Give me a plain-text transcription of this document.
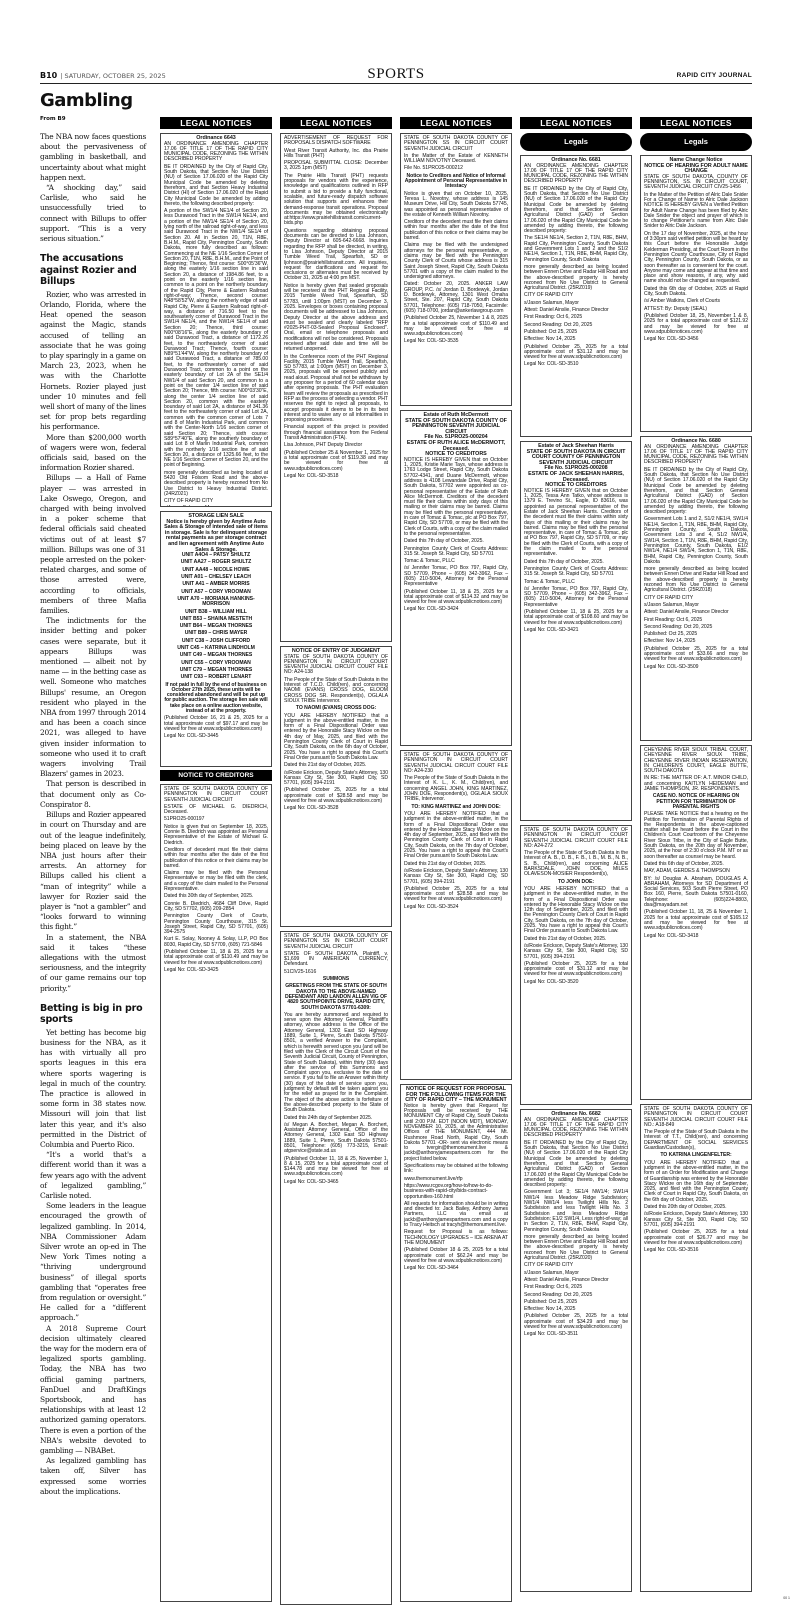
B10 | SATURDAY, OCTOBER 25, 2025	SPORTS	RAPID CITY JOURNAL
Gambling
From B9

The NBA now faces questions about the pervasiveness of gambling in basketball, and uncertainty about what might happen next.

“A shocking day,” said Carlisle, who said he unsuccessfully tried to connect with Billups to offer support. “This is a very serious situation.”

The accusations against Rozier and Billups

Rozier, who was arrested in Orlando, Florida, where the Heat opened the season against the Magic, stands accused of telling an associate that he was going to play sparingly in a game on March 23, 2023, when he was with the Charlotte Hornets. Rozier played just under 10 minutes and fell well short of many of the lines set for prop bets regarding his performance.

More than $200,000 worth of wagers were won, federal officials said, based on the information Rozier shared.

Billups — a Hall of Fame player — was arrested in Lake Oswego, Oregon, and charged with being involved in a poker scheme that federal officials said cheated victims out of at least $7 million. Billups was one of 31 people arrested on the poker-related charges, and some of those arrested were, according to officials, members of three Mafia families.

The indictments for the insider betting and poker cases were separate, but it appears Billups was mentioned — albeit not by name — in the betting case as well. Someone who matches Billups' resume, an Oregon resident who played in the NBA from 1997 through 2014 and has been a coach since 2021, was alleged to have given insider information to someone who used it to craft wagers involving Trail Blazers' games in 2023.

That person is described in that document only as Co-Conspirator 8.

Billups and Rozier appeared in court on Thursday and are out of the league indefinitely, being placed on leave by the NBA just hours after their arrests. An attorney for Billups called his client a “man of integrity” while a lawyer for Rozier said the player is “not a gambler” and “looks forward to winning this fight.”

In a statement, the NBA said it takes “these allegations with the utmost seriousness, and the integrity of our game remains our top priority.”

Betting is big in pro sports

Yet betting has become big business for the NBA, as it has with virtually all pro sports leagues in this era where sports wagering is legal in much of the country. The practice is allowed in some form in 38 states now. Missouri will join that list later this year, and it's also permitted in the District of Columbia and Puerto Rico.

“It's a world that's a different world than it was a few years ago with the advent of legalized gambling,” Carlisle noted.

Some leaders in the league encouraged the growth of legalized gambling. In 2014, NBA Commissioner Adam Silver wrote an op-ed in The New York Times noting a “thriving underground business” of illegal sports gambling that “operates free from regulation or oversight.” He called for a “different approach.”

A 2018 Supreme Court decision ultimately cleared the way for the modern era of legalized sports gambling. Today, the NBA has two official gaming partners, FanDuel and DraftKings Sportsbook, and has relationships with at least 12 authorized gaming operators. There is even a portion of the NBA's website devoted to gambling — NBABet.

As legalized gambling has taken off, Silver has expressed some worries about the implications.

LEGAL NOTICES
Ordinance 6643

AN ORDINANCE AMENDING CHAPTER 17.06 OF TITLE 17 OF THE RAPID CITY MUNICIPAL CODE, REZONING THE WITHIN DESCRIBED PROPERTY

BE IT ORDAINED by the City of Rapid City, South Dakota, that Section No Use District (NU) of Section 17.06.020 of the Rapid City Municipal Code be amended by deleting therefrom, and that Section Heavy Industrial District (HI) of Section 17.06.020 of the Rapid City Municipal Code be amended by adding thereto, the following described property:

A portion of the SW1/4 NE1/4 of Section 20, less Durawood Tract in the SW1/4 NE1/4, and a portion of the NW1/4 SE1/4 of Section 20, lying north of the railroad right-of-way, and less said Durawood Tract in the NW1/4 SE1/4 of Section 20. All in Section 20, T1N, R8E, B.H.M., Rapid City, Pennington County, South Dakota, more fully described as follows: Commencing at the NE 1/16 Section Corner of Section 20, T1N, R8E, B.H.M., and the Point of Beginning; Thence, first course: S00°05'36"W, along the easterly 1/16 section line in said Section 20, a distance of 1984.86 feet, to a point on the easterly 1/16 section line, common to a point on the northerly boundary of the Rapid City, Pierre & Eastern Railroad right-of-way; Thence, second course: N48°58'52"W, along the northerly edge of said Rapid City, Pierre & Eastern Railroad right-of-way, a distance of 716.50 feet to the southeasterly corner of Durawood Tract in the SW1/4 NE1/4, and the NW1/4 SE1/4 of said Section 20; Thence, third course: N00°08'16"E, along the easterly boundary of said Durawood Tract, a distance of 1172.26 feet, to the northeasterly corner of said Durawood Tract; Thence, fourth course: N89°51'44"W, along the northerly boundary of said Durawood Tract, a distance of 785.00 feet, to the northwesterly corner of said Durawood Tract, common to a point on the easterly boundary of Lot 2A of the SE1/4 NW1/4 of said Section 20, and common to a point on the center 1/4 section line of said Section 20; Thence, fifth course: N00°03'30"E, along the center 1/4 section line of said Section 20, common with the easterly boundary of said Lot 2A, a distance of 341.36 feet to the northeasterly corner of said Lot 2A, common with the common corner of Lots 7 and 8 of Marlin Industrial Park, and common with the Center-North 1/16 section corner of said Section 20; Thence, sixth course: S89°57'40"E, along the southerly boundary of said Lot 8 of Marlin Industrial Park, common with the northerly 1/16 section line of said Section 20, a distance of 1325.66 feet, to the NE 1/16 Section Corner of Section 20, and the point of Beginning.

more generally described as being located at 5420 Old Folsom Road and the above-described property is hereby rezoned from No Use District to Heavy Industrial District. (24RZ021)

CITY OF RAPID CITY

STORAGE LIEN SALE
Notice is hereby given by Anytime Auto Sales & Storage of intended sale of items in storage. Sale is for delinquent storage rental payments as per storage contract and lien agreement with Anytime Auto Sales & Storage.

UNIT A4O4 – PATSY SHULTZ

UNIT AA27 – ROGER SHULTZ

UNIT AA48 – NICOLE HOWE

UNIT A01 – CHELSEY LEACH

UNIT A41 – AMBER MORRIS

UNIT A57 – CORY VROOMAN

UNIT A70 – MORIANA HANKINS-MORRISON

UNIT B38 – WILLIAM HILL

UNIT B53 – SHAINA MESTETH

UNIT B64 – MEGAN THORNES

UNIT B89 – CHRIS MAYER

UNIT C38 – JOSH CLIFFORD

UNIT C45 – KATRINA LINDHOLM

UNIT C49 – MEGAN THORNES

UNIT C55 – CORY VROOMAN

UNIT C79 – MEGAN THORNES

UNIT C93 – ROBERT LENART

If not paid in full by the end of business on October 27th 2025, these units will be considered abandoned and will be put up for public auction. The storage lien sale will take place on a online auction website, instead of at the property.

(Published October 16, 21 & 25, 2025 for a total approximate cost of $97.17 and may be viewed for free at www.sdpublicnotices.com)

Legal No: COL-SD-3445
NOTICE TO CREDITORS

STATE OF SOUTH DAKOTA COUNTY OF PENNINGTON IN CIRCUIT COURT SEVENTH JUDICIAL CIRCUIT

ESTATE OF MICHAEL G. DIEDRICH, Deceased.

51PRO25-000197

Notice is given that on September 18, 2025, Connie B. Diedrich was appointed as Personal Representative of the Estate of Michael G. Diedrich.

Creditors of decedent must file their claims within four months after the date of the first publication of this notice or their claims may be barred.

Claims may be filed with the Personal Representative or may be filed with the clerk, and a copy of the claim mailed to the Personal Representative.

Dated this 30th day of September, 2025.

Connie B. Diedrich, 4684 Cliff Drive, Rapid City, SD 57702, (605) 209-2854

Pennington County Clerk of Courts, Pennington County Courthouse, 315 St. Joseph Street, Rapid City, SD 57701, (605) 394-2575

Kurt E. Solay, Nooney & Solay, LLP, PO Box 8030, Rapid City, SD 57709, (605) 721-5846

(Published October 11, 18 & 25, 2025 for a total approximate cost of $110.49 and may be viewed for free at www.sdpublicnotices.com)

Legal No: COL-SD-3425
LEGAL NOTICES

ADVERTISEMENT OF REQUEST FOR PROPOSALS DISPATCH SOFTWARE

West River Transit Authority, Inc. dba Prairie Hills Transit (PHT)

PROPOSAL SUBMITTAL CLOSE: December 3, 2025 1pm (MST)

The Prairie Hills Transit (PHT) requests proposals for vendors with the experience, knowledge and qualifications outlined in RFP to submit a bid to provide a fully functional, scalable, and future-ready dispatch software solution that supports and enhances their demand-response transit operations. Proposal documents may be obtained electronically at:https://www.prairiehillstransit.com/current-bids.php

Questions regarding obtaining proposal documents can be directed to Lisa Johnson, Deputy Director at 605-642-6668. Inquiries regarding the RFP shall be directed, in writing, to Lisa Johnson, Deputy Director at 2015 Tumble Weed Trail, Spearfish, SD or ljohnson@prairiehillstransit.com. All inquiries, request for clarifications and request for exclusions or alternates must be received by October 31, 2025 at 4:00 pm MST.

Notice is hereby given that sealed proposals will be received at the PHT Regional Facility, 2015 Tumble Weed Trail, Spearfish, SD 57783, until 1:00pm (MST) on December 3, 2025. Envelopes or boxes containing proposal documents will be addressed to Lisa Johnson, Deputy Director at the above address and must be sealed and clearly labeled "RFP #2025-PHT-03-Sealed Proposal Enclosed". Oral, email or telephone proposals and modifications will not be considered. Proposals received after said date and time will be returned unopened.

In the Conference room of the PHT Regional Facility, 2015 Tumble Weed Trail, Spearfish, SD 57783, at 1:00pm (MST) on December 3, 2025, proposals will be opened publicly and read aloud. Proposal shall not be withdrawn by any proposer for a period of 60 calendar days after opening proposals. The PHT evaluation team will review the proposals as prescribed in RFP as the process of selecting a vendor. PHT reserves the right to reject all proposals, to accept proposals it deems to be in its best interest and to waive any or all informalities in proposing procedures.

Financial support of this project is provided through financial assistance from the Federal Transit Administration (FTA).

Lisa Johnson, PHT Deputy Director

(Published October 25 & November 1, 2025 for a total approximate cost of $119.38 and may be viewed for free at www.sdpublicnotices.com)

Legal No: COL-SD-3518
NOTICE OF ENTRY OF JUDGMENT

STATE OF SOUTH DAKOTA COUNTY OF PENNINGTON IN CIRCUIT COURT SEVENTH JUDICIAL CIRCUIT COURT FILE NO: A24-138

The People of the State of South Dakota in the Interest of T.C.D. Child(ren), and concerning NAOMI (EVANS) CROSS DOG, ELOOM CROSS DOG SR. Respondent(s), OGLALA SIOUX TRIBE Intervenor.

TO NAOMI (EVANS) CROSS DOG:

YOU ARE HEREBY NOTIFIED that a judgment in the above-entitled matter, in the form of a Final Dispositional Order was entered by the Honorable Stacy Wickre on the 4th day of May, 2025, and filed with the Pennington County Clerk of Court in Rapid City, South Dakota, on the 6th day of October, 2025. You have a right to appeal this Court's Final Order pursuant to South Dakota Law.

Dated this 21st day of October, 2025.

/s/Roxie Erickson, Deputy State's Attorney, 130 Kansas City St, Ste 300, Rapid City, SD 57701, (605) 394-2191

(Published October 25, 2025 for a total approximate cost of $28.58 and may be viewed for free at www.sdpublicnotices.com)

Legal No: COL-SD-3528

STATE OF SOUTH DAKOTA COUNTY OF PENNINGTON SS IN CIRCUIT COURT SEVENTH JUDICIAL CIRCUIT

STATE OF SOUTH DAKOTA, Plaintiff, v. $1,699 IN AMERICAN CURRENCY, Defendant.

51CIV25-1616

SUMMONS

GREETINGS FROM THE STATE OF SOUTH DAKOTA TO THE ABOVE-NAMED DEFENDANT AND LANDON ALLEN VIG OF 4820 SOUTHPOINTE DRIVE, RAPID CITY, SOUTH DAKOTA 57701-6309:

You are hereby summoned and required to serve upon the Attorney General, Plaintiff's attorney, whose address is the Office of the Attorney General, 1302 East SD Highway 1889, Suite 1, Pierre, South Dakota 57501-8501, a verified Answer to the Complaint, which is herewith served upon you (and will be filed with the Clerk of the Circuit Court of the Seventh Judicial Circuit, County of Pennington, State of South Dakota), within thirty (30) days after the service of this Summons and Complaint upon you, exclusive to the date of service. If you fail to file an Answer within thirty (30) days of the date of service upon you, judgment by default will be taken against you for the relief as prayed for in the Complaint. The object of the above action is forfeiture of the above-described property to the State of South Dakota.

Dated this 24th day of September 2025.

/s/ Megan A. Borchert, Megan A. Borchert, Assistant Attorney General, Office of the Attorney General, 1302 East SD Highway 1889, Suite 1, Pierre, South Dakota 57501-8501, Telephone: (605) 773-3215, Email: atgservice@state.sd.us

(Published October 11, 18 & 25, November 1, 8 & 15, 2025 for a total approximate cost of $144.78 and may be viewed for free at www.sdpublicnotices.com)

Legal No: COL-SD-3465
LEGAL NOTICES

STATE OF SOUTH DAKOTA COUNTY OF PENNINGTON SS IN CIRCUIT COURT SEVENTH JUDICIAL CIRCUIT

In the Matter of the Estate of KENNETH WILLIAM NOVOTNY Deceased.

File No. 51PRO25-000212

Notice to Creditors and Notice of Informal Appointment of Personal Representative in Intestacy

Notice is given that on October 10, 2025, Teresa L. Novotny, whose address is 145 Museum Drive, Hill City, South Dakota 57745, was appointed as personal representative of the estate of Kenneth William Novotny.

Creditors of the decedent must file their claims within four months after the date of the first publication of this notice or their claims may be barred.

Claims may be filed with the undersigned attorneys for the personal representative, or claims may be filed with the Pennington County Clerk of Courts whose address is 315 Saint Joseph Street, Rapid City, South Dakota 57701 with a copy of the claim mailed to the undersigned attorneys.

Dated: October 20, 2025. ANKER LAW GROUP, P.C. /s/ Jordan D. Bordewyk, Jordan D. Bordewyk, Attorney, 1301 West Omaha Street, Ste. 207, Rapid City, South Dakota 57701, Telephone: (605) 718-7050, Facsimile: (605) 718-0700, jordan@ankerlawgroup.com

(Published October 25, November 1 & 8, 2025 for a total approximate cost of $110.49 and may be viewed for free at www.sdpublicnotices.com)

Legal No: COL-SD-3535
Estate of Ruth McDermott
STATE OF SOUTH DAKOTA COUNTY OF PENNINGTON SEVENTH JUDICIAL CIRCUIT
File No. 51PRO25-000204
ESTATE OF RUTH ALICE McDERMOTT, Deceased.
NOTICE TO CREDITORS

NOTICE IS HEREBY GIVEN that on October 1, 2025, Kristie Marie Tays, whose address is 1763 Lodge Street, Rapid City, South Dakota 57702-4341, and Duane McDermott, whose address is 4108 Lewandale Drive, Rapid City, South Dakota, 57702 were appointed as co-personal representative of the Estate of Ruth Alice McDermott. Creditors of the decedent must file their claims within sixty days of this mailing or their claims may be barred. Claims may be filed with the personal representative, in care of Tomac & Tomac, plc at PO Box 797, Rapid City, SD 57709, or may be filed with the Clerk of Courts, with a copy of the claim mailed to the personal representative.

Dated this 7th day of October, 2025.

Pennington County Clerk of Courts Address: 315 St. Joseph St. Rapid City, SD 57701

Tomac & Tomac, PLLC

/s/ Jennifer Tomac, PO Box 797, Rapid City, SD 57709, Phone – (605) 342-3962, Fax – (605) 210-5004, Attorney for the Personal Representative

(Published October 11, 18 & 25, 2025 for a total approximate cost of $114.32 and may be viewed for free at www.sdpublicnotices.com)

Legal No: COL-SD-3424

STATE OF SOUTH DAKOTA COUNTY OF PENNINGTON IN CIRCUIT COURT SEVENTH JUDICIAL CIRCUIT COURT FILE NO: A24-230

The People of the State of South Dakota in the Interest of K. L., K. M., Child(ren), and concerning ANGEL JOHN, KING MARTINEZ, JOHN DOE, Respondent(s), OGLALA SIOUX TRIBE, Intervenor.

TO: KING MARTINEZ and JOHN DOE:

YOU ARE HEREBY NOTIFIED that a judgment in the above-entitled matter, in the form of a Final Dispositional Order was entered by the Honorable Stacy Wickre on the 4th day of September, 2025, and filed with the Pennington County Clerk of Court in Rapid City, South Dakota, on the 7th day of October, 2025. You have a right to appeal this Court's Final Order pursuant to South Dakota Law.

Dated this 21st day of October, 2025.

/s/Roxie Erickson, Deputy State's Attorney, 130 Kansas City St, Ste 300, Rapid City, SD 57701, (605) 394-2191

(Published October 25, 2025 for a total approximate cost of $28.58 and may be viewed for free at www.sdpublicnotices.com)

Legal No: COL-SD-3524
NOTICE OF REQUEST FOR PROPOSAL FOR THE FOLLOWING ITEMS FOR THE CITY OF RAPID CITY – THE MONUMENT

Notice is hereby given that Request for Proposals will be received by THE MONUMENT City of Rapid City, South Dakota until 2:00 P.M. EDT (NOON MDT), MONDAY, NOVEMBER 10, 2025, at the Administrative Offices of THE MONUMENT, 444 Mt. Rushmore Road North, Rapid City, South Dakota 57701 -OR- sent via electronic means to tvergin@themonument.live & jackb@anthonyjamespartners.com for the project listed below.

Specifications may be obtained at the following link:

www.themonument.live/rfp

https://www.rcgov.org/how-to/how-to-do-business-with-rapid-city/bids-contract-opportunities-160.html

All requests for information should be in writing and directed to: Jack Bailey, Anthony James Partners, LLC via email at jackb@anthonyjamespartners.com and a copy to Tracy Heitsch at tracyh@themonument.live.

Request for Proposal is as follows: TECHNOLOGY UPGRADES – ICE ARENA AT THE MONUMENT

(Published October 18 & 25, 2025 for a total approximate cost of $62.24 and may be viewed for free at www.sdpublicnotices.com)

Legal No: COL-SD-3464
LEGAL NOTICES
Legals
Ordinance No. 6681

AN ORDINANCE AMENDING CHAPTER 17.06 OF TITLE 17 OF THE RAPID CITY MUNICIPAL CODE, REZONING THE WITHIN DESCRIBED PROPERTY

BE IT ORDAINED by the City of Rapid City, South Dakota, that Section No Use District (NU) of Section 17.06.020 of the Rapid City Municipal Code be amended by deleting therefrom, and that Section General Agricultural District (GAD) of Section 17.06.020 of the Rapid City Municipal Code be amended by adding thereto, the following described property:

The SE1/4 NE1/4, Section 2, T1N, R8E, BHM, Rapid City, Pennington County, South Dakota and Government Lots 1 and 2 and the S1/2 NE1/4, Section 1, T1N, R8E, BHM, Rapid City, Pennington County, South Dakota

more generally described as being located between Ennen Drive and Radar Hill Road and the above-described property is hereby rezoned from No Use District to General Agricultural District. (25RZ019)

CITY OF RAPID CITY

s/Jason Salamun, Mayor

Attest: Daniel Ainslie, Finance Director

First Reading: Oct 6, 2025

Second Reading: Oct 20, 2025

Published: Oct 25, 2025

Effective: Nov 14, 2025

(Published October 25, 2025 for a total approximate cost of $31.12 and may be viewed for free at www.sdpublicnotices.com)

Legal No: COL-SD-3510
Estate of Jack Sheehan Harris
STATE OF SOUTH DAKOTA IN CIRCUIT COURT COUNTY OF PENNINGTON SEVENTH JUDICIAL CIRCUIT
File No. 51PRO25-000208
ESTATE OF JACK SHEEHAN HARRIS, Deceased.
NOTICE TO CREDITORS

NOTICE IS HEREBY GIVEN that on October 1, 2025, Tessa Ann Tatko, whose address is 1379 E. Trevino St., Eagle, ID 83616, was appointed as personal representative of the Estate of Jack Sheehan Harris. Creditors of the decedent must file their claims within sixty days of this mailing or their claims may be barred. Claims may be filed with the personal representative, in care of Tomac & Tomac, plc at PO Box 797, Rapid City, SD 57709, or may be filed with the Clerk of Courts, with a copy of the claim mailed to the personal representative.

Dated this 7th day of October, 2025.

Pennington County Clerk of Courts Address: 315 St. Joseph St. Rapid City, SD 57701

Tomac & Tomac, PLLC

/s/ Jennifer Tomac, PO Box 797, Rapid City, SD 57709, Phone – (605) 342-3962, Fax – (605) 210-5004, Attorney for the Personal Representative

(Published October 11, 18 & 25, 2025 for a total approximate cost of $108.60 and may be viewed for free at www.sdpublicnotices.com)

Legal No: COL-SD-3421

STATE OF SOUTH DAKOTA COUNTY OF PENNINGTON IN CIRCUIT COURT SEVENTH JUDICIAL CIRCUIT COURT FILE NO: A24-272

The People of the State of South Dakota in the Interest of A. B., D. B., F. B., I. B., M. B., N. B., S. B., Child(ren), and concerning ALICE BARKSDALE, JOHN DOE, MILES OLAVESON-MOSIER Respondent(s),

TO JOHN DOE:

YOU ARE HEREBY NOTIFIED that a judgment in the above-entitled matter, in the form of a Final Dispositional Order was entered by the Honorable Stacy Wickre on the 12th day of September, 2025, and filed with the Pennington County Clerk of Court in Rapid City, South Dakota, on the 7th day of October, 2025. You have a right to appeal this Court's Final Order pursuant to South Dakota Law.

Dated this 21st day of October, 2025.

/s/Roxie Erickson, Deputy State's Attorney, 130 Kansas City St, Ste 300, Rapid City, SD 57701, (605) 394-2191

(Published October 25, 2025 for a total approximate cost of $31.12 and may be viewed for free at www.sdpublicnotices.com)

Legal No: COL-SD-3520
Ordinance No. 6682

AN ORDINANCE AMENDING CHAPTER 17.06 OF TITLE 17 OF THE RAPID CITY MUNICIPAL CODE, REZONING THE WITHIN DESCRIBED PROPERTY

BE IT ORDAINED by the City of Rapid City, South Dakota, that Section No Use District (NU) of Section 17.06.020 of the Rapid City Municipal Code be amended by deleting therefrom, and that Section General Agricultural District (GAD) of Section 17.06.020 of the Rapid City Municipal Code be amended by adding thereto, the following described property:

Government Lot 3; SE1/4 NW1/4; SW1/4 NW1/4 less Meadow Ridge Subdivision; NW1/4 NW1/4 less Twilight Hills No. 2 Subdivision and less Twilight Hills No. 3 Subdivision and less Meadow Ridge Subdivision; E1/2 SW1/4, Less right-of-way; all in Section 2, T1N, R8E, BHM, Rapid City, Pennington County, South Dakota

more generally described as being located between Ennen Drive and Radar Hill Road and the above-described property is hereby rezoned from No Use District to General Agricultural District. (25RZ020)

CITY OF RAPID CITY

s/Jason Salamun, Mayor

Attest: Daniel Ainslie, Finance Director

First Reading: Oct 6, 2025

Second Reading: Oct 20, 2025

Published: Oct 25, 2025

Effective: Nov 14, 2025

(Published October 25, 2025 for a total approximate cost of $34.29 and may be viewed for free at www.sdpublicnotices.com)

Legal No: COL-SD-3511
LEGAL NOTICES
Legals
Name Change Notice
NOTICE OF HEARING FOR ADULT NAME CHANGE

STATE OF SOUTH DAKOTA, COUNTY OF PENNINGTON, SS. IN CIRCUIT COURT, SEVENTH JUDICIAL CIRCUIT CIV25-1456

In the Matter of the Petition of Alric Dale Snider For a Change of Name to Alric Dale Jackson NOTICE IS HEREBY GIVEN a Verified Petition for Adult Name Change has been filed by Alric Dale Snider the object and prayer of which is to change Petitioner's name from Alric Dale Snider to Alric Dale Jackson.

On the 17 day of November, 2025, at the hour of 3:30pm said verified petition will be heard by this Court before the Honorable Judge Kelderman Presiding, at the Court Room in the Pennington County Courthouse, City of Rapid City, Pennington County, South Dakota, or as soon thereafter as is convenient for the court. Anyone may come and appear at that time and place and show reasons, if any, why said name should not be changed as requested.

Dated this 6th day of October, 2025 at Rapid City, South Dakota.

/s/ Amber Watkins, Clerk of Courts

ATTEST: By: Deputy (SEAL)

(Published October 18, 25, November 1 & 8, 2025 for a total approximate cost of $121.92 and may be viewed for free at www.sdpublicnotices.com)

Legal No: COL-SD-3456
Ordinance No. 6680

AN ORDINANCE AMENDING CHAPTER 17.06 OF TITLE 17 OF THE RAPID CITY MUNICIPAL CODE, REZONING THE WITHIN DESCRIBED PROPERTY

BE IT ORDAINED by the City of Rapid City, South Dakota, that Section No Use District (NU) of Section 17.06.020 of the Rapid City Municipal Code be amended by deleting therefrom, and that Section General Agricultural District (GAD) of Section 17.06.020 of the Rapid City Municipal Code be amended by adding thereto, the following described property:

Government Lots 1 and 2, S1/2 NE1/4, SW1/4 NE1/4, Section 1, T1N, R8E, BHM, Rapid City, Pennington County, South Dakota, Government Lots 3 and 4, S1/2 NW1/4, SW1/4, Section 1, T1N, R8E, BHM, Rapid City, Pennington County, South Dakota, E1/2 NW1/4, NE1/4 SW1/4, Section 1, T1N, R8E, BHM, Rapid City, Pennington County, South Dakota

more generally described as being located between Ennen Drive and Radar Hill Road and the above-described property is hereby rezoned from No Use District to General Agricultural District. (25RZ018)

CITY OF RAPID CITY

s/Jason Salamun, Mayor

Attest: Daniel Ainslie, Finance Director

First Reading: Oct 6, 2025

Second Reading: Oct 20, 2025

Published: Oct 25, 2025

Effective: Nov 14, 2025

(Published October 25, 2025 for a total approximate cost of $33.66 and may be viewed for free at www.sdpublicnotices.com)

Legal No: COL-SD-3509

CHEYENNE RIVER SIOUX TRIBAL COURT, CHEYENNE RIVER SIOUX TRIBE, CHEYENNE RIVER INDIAN RESERVATION, IN CHILDREN'S COURT, EAGLE BUTTE, SOUTH DAKOTA

IN RE: THE MATTER OF: A.T. MINOR CHILD, and concerning KAITLYN HEIDEMAN and JAMIE THOMPSON, JR. RESPONDENTS.

CASE NO. NOTICE OF HEARING ON PETITION FOR TERMINATION OF PARENTAL RIGHTS

PLEASE TAKE NOTICE that a hearing on the Petition for Termination of Parental Rights of the Respondents in the above-captioned matter shall be heard before the Court in the Children's Court Courtroom of the Cheyenne River Sioux Tribe, in the City of Eagle Butte, South Dakota, on the 20th day of November, 2025, at the hour of 2:30 o'clock P.M. MT or as soon thereafter as counsel may be heard.

Dated this 6th day of October, 2025.

MAY, ADAM, GERDES & THOMPSON

BY: /s/ Douglas A. Abraham, DOUGLAS A. ABRAHAM, Attorneys for SD Department of Social Services, 503 South Pierre Street, PO Box 160, Pierre, South Dakota 57501-0160, Telephone: (605)224-8803, dsa@mayadam.net

(Published October 11, 18, 25 & November 1, 2025 for a total approximate cost of $165.12 and may be viewed for free at www.sdpublicnotices.com)

Legal No: COL-SD-3418

STATE OF SOUTH DAKOTA COUNTY OF PENNINGTON IN CIRCUIT COURT SEVENTH JUDICIAL CIRCUIT COURT FILE NO.: A18-849

The People of the State of South Dakota in the Interest of T.T., Child(ren), and concerning DEPARTMENT OF SOCIAL SERVICES Guardian/Custodian(s),

TO KATRINA LINGENFELTER:

YOU ARE HEREBY NOTIFIED that a judgment in the above-entitled matter, in the form of an Order for Modification and Change of Guardianship was entered by the Honorable Stacy Wickre on the 16th day of September, 2025, and filed with the Pennington County Clerk of Court in Rapid City, South Dakota, on the 6th day of October, 2025.

Dated this 20th day of October, 2025.

/s/Roxie Erickson, Deputy State's Attorney, 130 Kansas City St, Ste 300, Rapid City, SD 57701, (605) 394-2191

(Published October 25, 2025 for a total approximate cost of $26.77 and may be viewed for free at www.sdpublicnotices.com)

Legal No: COL-SD-3516
00 1
